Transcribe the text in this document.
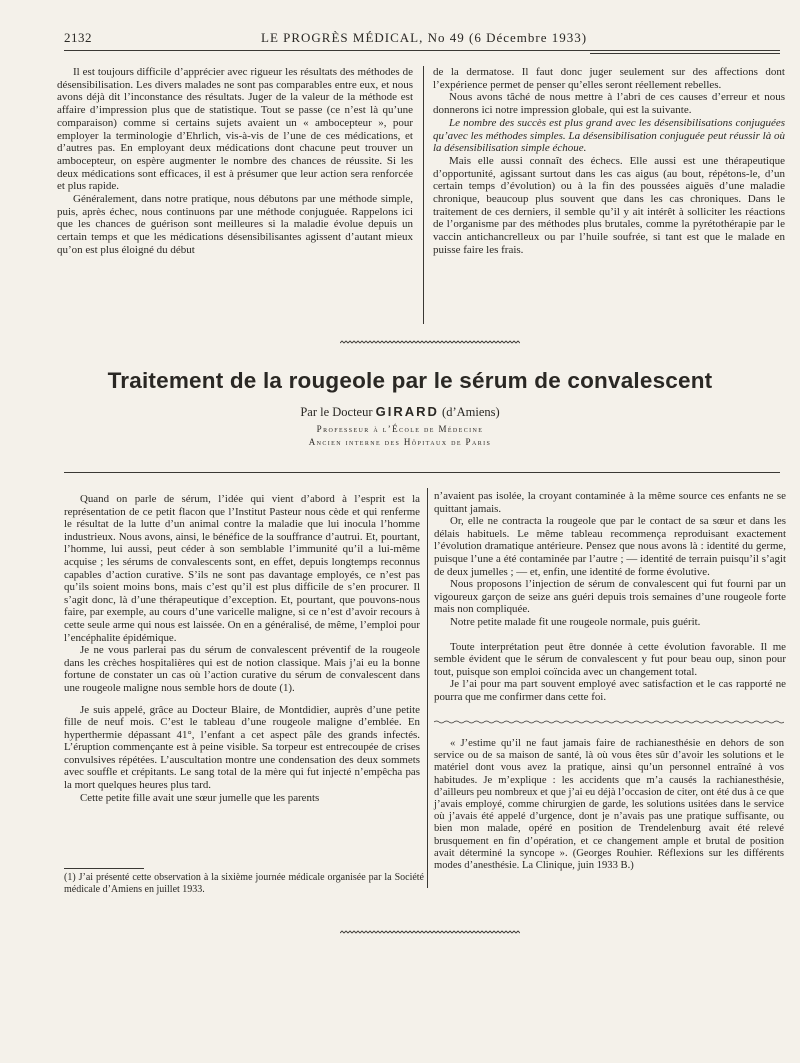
2132	LE PROGRÈS MÉDICAL, No 49 (6 Décembre 1933)

Il est toujours difficile d’apprécier avec rigueur les résultats des méthodes de désensibilisation. Les divers malades ne sont pas comparables entre eux, et nous avons déjà dit l’inconstance des résultats. Juger de la valeur de la méthode est affaire d’impression plus que de statistique. Tout se passe (ce n’est là qu’une comparaison) comme si certains sujets avaient un « ambocepteur », pour employer la terminologie d’Ehrlich, vis-à-vis de l’une de ces médications, et d’autres pas. En employant deux médications dont chacune peut trouver un ambocepteur, on espère augmenter le nombre des chances de réussite. Si les deux médications sont efficaces, il est à présumer que leur action sera renforcée et plus rapide.

Généralement, dans notre pratique, nous débutons par une méthode simple, puis, après échec, nous continuons par une méthode conjuguée. Rappelons ici que les chances de guérison sont meilleures si la maladie évolue depuis un certain temps et que les médications désensibilisantes agissent d’autant mieux qu’on est plus éloigné du début

de la dermatose. Il faut donc juger seulement sur des affections dont l’expérience permet de penser qu’elles seront réellement rebelles.

Nous avons tâché de nous mettre à l’abri de ces causes d’erreur et nous donnerons ici notre impression globale, qui est la suivante.

Le nombre des succès est plus grand avec les désensibilisations conjuguées qu’avec les méthodes simples. La désensibilisation conjuguée peut réussir là où la désensibilisation simple échoue.

Mais elle aussi connaît des échecs. Elle aussi est une thérapeutique d’opportunité, agissant surtout dans les cas aigus (au bout, répétons-le, d’un certain temps d’évolution) ou à la fin des poussées aiguës d’une maladie chronique, beaucoup plus souvent que dans les cas chroniques. Dans le traitement de ces derniers, il semble qu’il y ait intérêt à solliciter les réactions de l’organisme par des méthodes plus brutales, comme la pyrétothérapie par le vaccin antichancrelleux ou par l’huile soufrée, si tant est que le malade en puisse faire les frais.

Traitement de la rougeole par le sérum de convalescent
Par le Docteur GIRARD (d’Amiens)
Professeur à l’École de Médecine
Ancien interne des Hôpitaux de Paris

Quand on parle de sérum, l’idée qui vient d’abord à l’esprit est la représentation de ce petit flacon que l’Institut Pasteur nous cède et qui renferme le résultat de la lutte d’un animal contre la maladie que lui inocula l’homme industrieux. Nous avons, ainsi, le bénéfice de la souffrance d’autrui. Et, pourtant, l’homme, lui aussi, peut céder à son semblable l’immunité qu’il a lui-même acquise ; les sérums de convalescents sont, en effet, depuis longtemps reconnus capables d’action curative. S’ils ne sont pas davantage employés, ce n’est pas qu’ils soient moins bons, mais c’est qu’il est plus difficile de s’en procurer. Il s’agit donc, là d’une thérapeutique d’exception. Et, pourtant, que pouvons-nous faire, par exemple, au cours d’une varicelle maligne, si ce n’est d’avoir recours à cette seule arme qui nous est laissée. On en a généralisé, de même, l’emploi pour l’encéphalite épidémique.

Je ne vous parlerai pas du sérum de convalescent préventif de la rougeole dans les crèches hospitalières qui est de notion classique. Mais j’ai eu la bonne fortune de constater un cas où l’action curative du sérum de convalescent dans une rougeole maligne nous semble hors de doute (1).

Je suis appelé, grâce au Docteur Blaire, de Montdidier, auprès d’une petite fille de neuf mois. C’est le tableau d’une rougeole maligne d’emblée. En hyperthermie dépassant 41°, l’enfant a cet aspect pâle des grands infectés. L’éruption commençante est à peine visible. Sa torpeur est entrecoupée de crises convulsives répétées. L’auscultation montre une condensation des deux sommets avec souffle et crépitants. Le sang total de la mère qui fut injecté n’empêcha pas la mort quelques heures plus tard.

Cette petite fille avait une sœur jumelle que les parents

(1) J’ai présenté cette observation à la sixième journée médicale organisée par la Société médicale d’Amiens en juillet 1933.

n’avaient pas isolée, la croyant contaminée à la même source ces enfants ne se quittant jamais.

Or, elle ne contracta la rougeole que par le contact de sa sœur et dans les délais habituels. Le même tableau recommença reproduisant exactement l’évolution dramatique antérieure. Pensez que nous avons là : identité du germe, puisque l’une a été contaminée par l’autre ; — identité de terrain puisqu’il s’agit de deux jumelles ; — et, enfin, une identité de forme évolutive.

Nous proposons l’injection de sérum de convalescent qui fut fourni par un vigoureux garçon de seize ans guéri depuis trois semaines d’une rougeole forte mais non compliquée.

Notre petite malade fit une rougeole normale, puis guérit.

Toute interprétation peut être donnée à cette évolution favorable. Il me semble évident que le sérum de convalescent y fut pour beau oup, sinon pour tout, puisque son emploi coïncida avec un changement total.

Je l’ai pour ma part souvent employé avec satisfaction et le cas rapporté ne pourra que me confirmer dans cette foi.

« J’estime qu’il ne faut jamais faire de rachianesthésie en dehors de son service ou de sa maison de santé, là où vous êtes sûr d’avoir les solutions et le matériel dont vous avez la pratique, ainsi qu’un personnel entraîné à vos habitudes. Je m’explique : les accidents que m’a causés la rachianesthésie, d’ailleurs peu nombreux et que j’ai eu déjà l’occasion de citer, ont été dus à ce que j’avais employé, comme chirurgien de garde, les solutions usitées dans le service où j’avais été appelé d’urgence, dont je n’avais pas une pratique suffisante, ou bien mon malade, opéré en position de Trendelenburg avait été relevé brusquement en fin d’opération, et ce changement ample et brutal de position avait déterminé la syncope ». (Georges Rouhier. Réflexions sur les différents modes d’anesthésie. La Clinique, juin 1933 B.)
